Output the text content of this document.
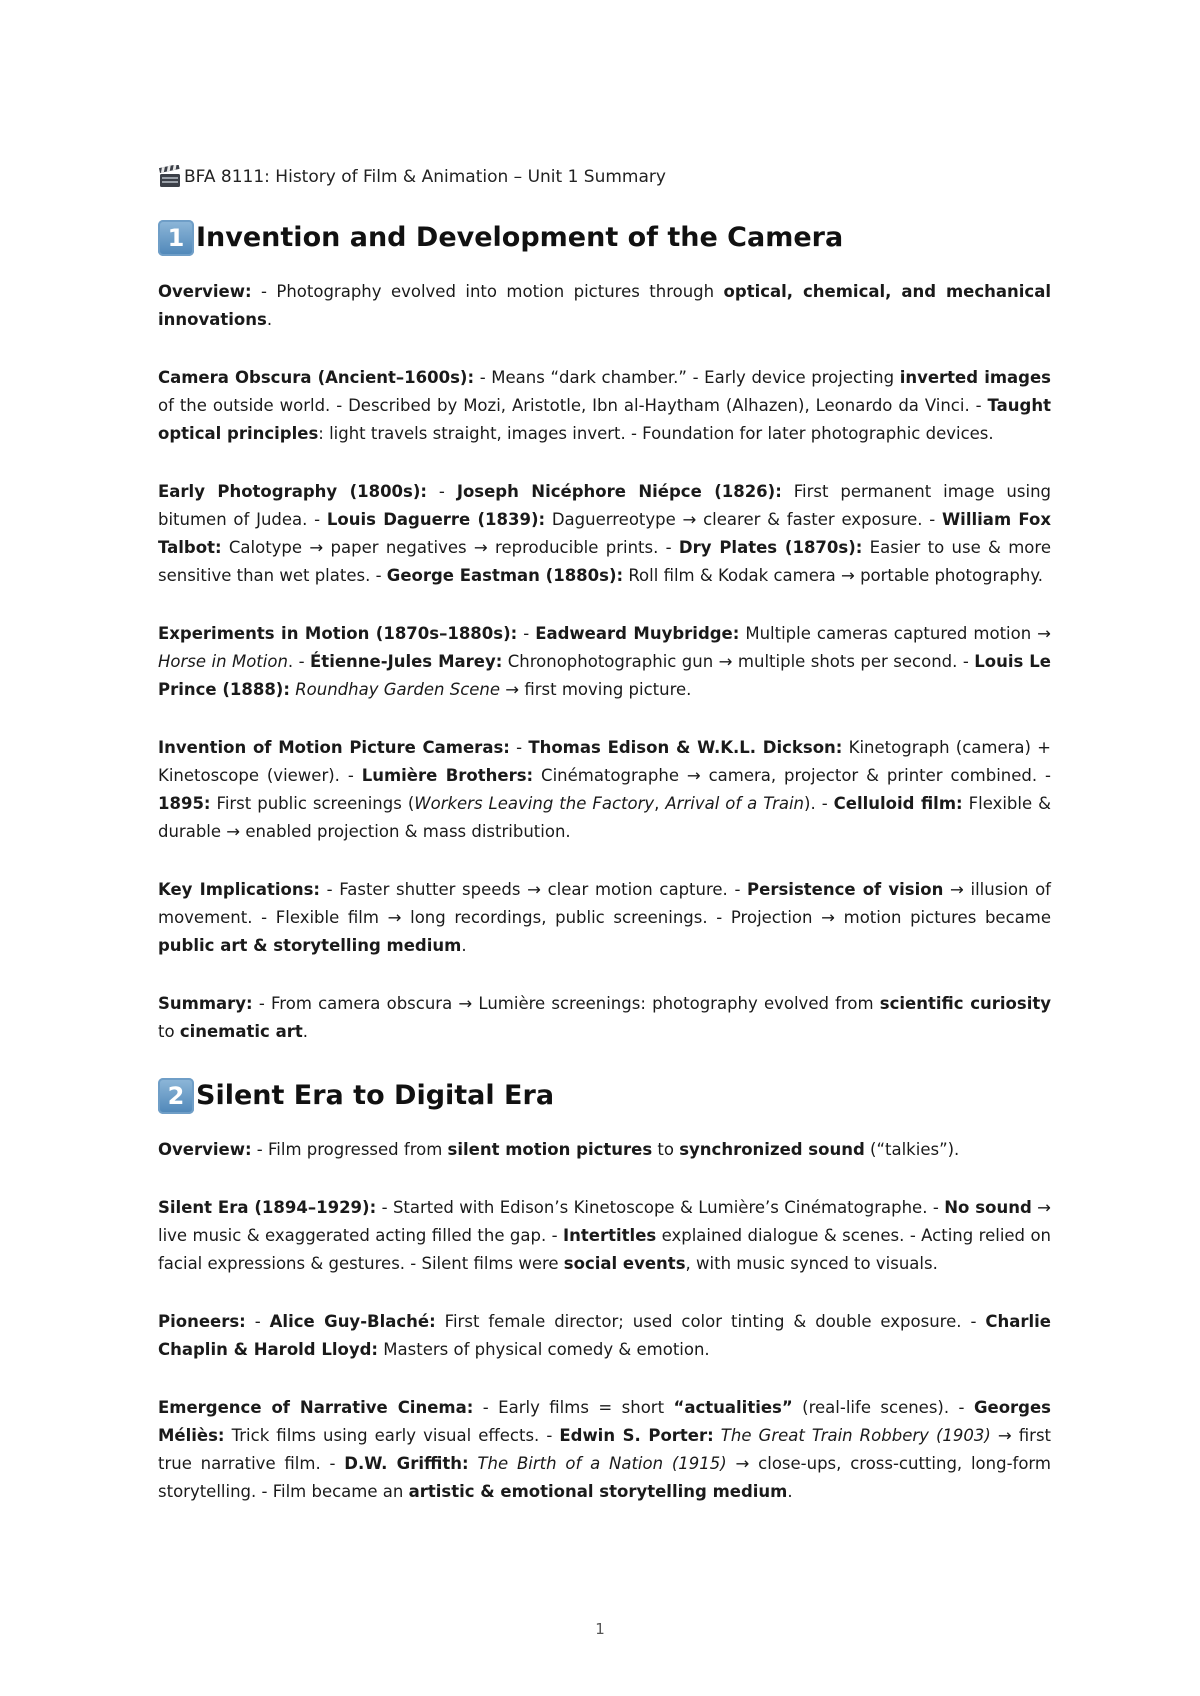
BFA 8111: History of Film & Animation – Unit 1 Summary
1 Invention and Development of the Camera

Overview: - Photography evolved into motion pictures through optical, chemical, and mechanical innovations.

Camera Obscura (Ancient–1600s): - Means “dark chamber.” - Early device projecting inverted images of the outside world. - Described by Mozi, Aristotle, Ibn al-Haytham (Alhazen), Leonardo da Vinci. - Taught optical principles: light travels straight, images invert. - Foundation for later photographic devices.

Early Photography (1800s): - Joseph Nicéphore Niépce (1826): First permanent image using bitumen of Judea. - Louis Daguerre (1839): Daguerreotype → clearer & faster exposure. - William Fox Talbot: Calotype → paper negatives → reproducible prints. - Dry Plates (1870s): Easier to use & more sensitive than wet plates. - George Eastman (1880s): Roll film & Kodak camera → portable photography.

Experiments in Motion (1870s–1880s): - Eadweard Muybridge: Multiple cameras captured motion → Horse in Motion. - Étienne-Jules Marey: Chronophotographic gun → multiple shots per second. - Louis Le Prince (1888): Roundhay Garden Scene → first moving picture.

Invention of Motion Picture Cameras: - Thomas Edison & W.K.L. Dickson: Kinetograph (camera) + Kinetoscope (viewer). - Lumière Brothers: Cinématographe → camera, projector & printer combined. - 1895: First public screenings (Workers Leaving the Factory, Arrival of a Train). - Celluloid film: Flexible & durable → enabled projection & mass distribution.

Key Implications: - Faster shutter speeds → clear motion capture. - Persistence of vision → illusion of movement. - Flexible film → long recordings, public screenings. - Projection → motion pictures became public art & storytelling medium.

Summary: - From camera obscura → Lumière screenings: photography evolved from scientific curiosity to cinematic art.

2 Silent Era to Digital Era

Overview: - Film progressed from silent motion pictures to synchronized sound (“talkies”).

Silent Era (1894–1929): - Started with Edison’s Kinetoscope & Lumière’s Cinématographe. - No sound → live music & exaggerated acting filled the gap. - Intertitles explained dialogue & scenes. - Acting relied on facial expressions & gestures. - Silent films were social events, with music synced to visuals.

Pioneers: - Alice Guy-Blaché: First female director; used color tinting & double exposure. - Charlie Chaplin & Harold Lloyd: Masters of physical comedy & emotion.

Emergence of Narrative Cinema: - Early films = short “actualities” (real-life scenes). - Georges Méliès: Trick films using early visual effects. - Edwin S. Porter: The Great Train Robbery (1903) → first true narrative film. - D.W. Griffith: The Birth of a Nation (1915) → close-ups, cross-cutting, long-form storytelling. - Film became an artistic & emotional storytelling medium.

1
